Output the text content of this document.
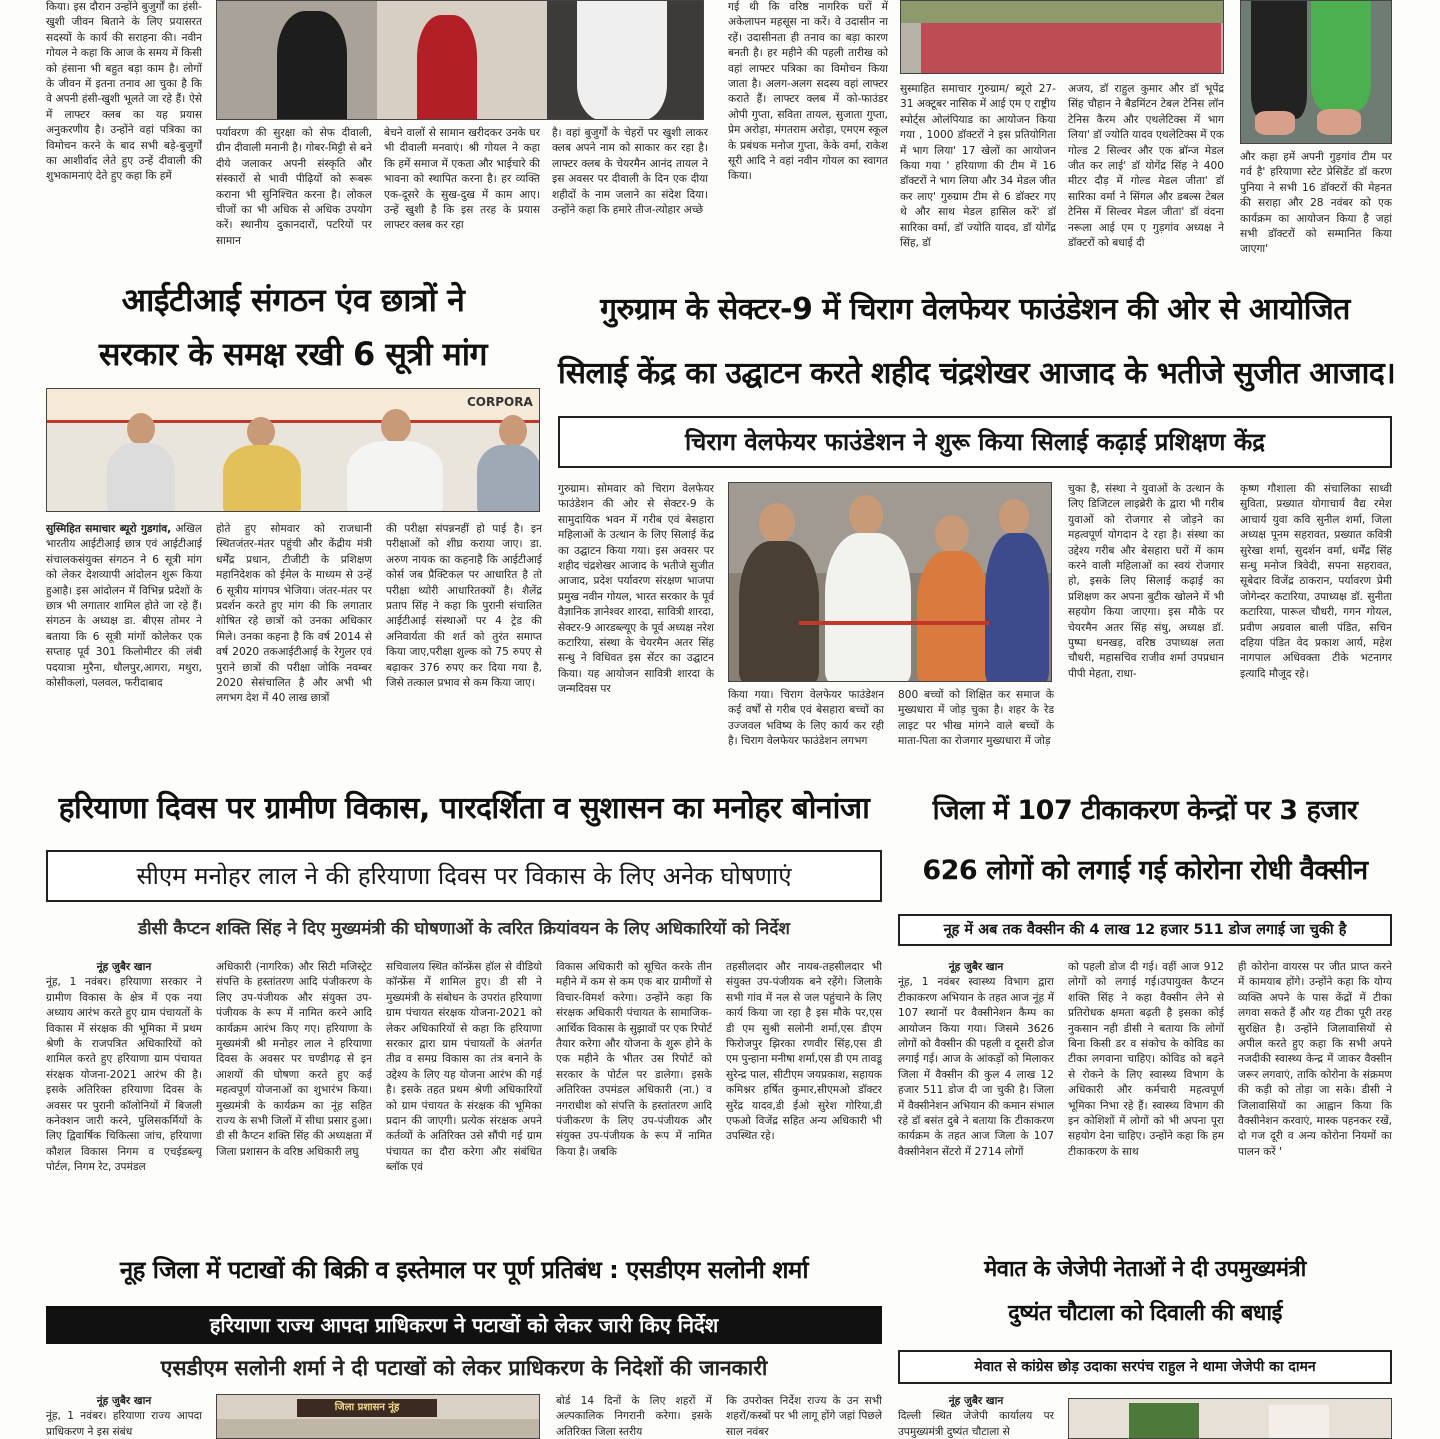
किया। इस दौरान उन्होंने बुजुर्गों का हंसी-खुशी जीवन बिताने के लिए प्रयासरत सदस्यों के कार्य की सराहना की। नवीन गोयल ने कहा कि आज के समय में किसी को हंसाना भी बहुत बड़ा काम है। लोगों के जीवन में इतना तनाव आ चुका है कि वे अपनी हंसी-खुशी भूलते जा रहे हैं। ऐसे में लाफ्टर क्लब का यह प्रयास अनुकरणीय है। उन्होंने वहां पत्रिका का विमोचन करने के बाद सभी बड़े-बुजुर्गों का आशीर्वाद लेते हुए उन्हें दीवाली की शुभकामनाएं देते हुए कहा कि हमें
पर्यावरण की सुरक्षा को सेफ दीवाली, ग्रीन दीवाली मनानी है। गोबर-मिट्टी से बने दीये जलाकर अपनी संस्कृति और संस्कारों से भावी पीढ़ियों को रूबरू कराना भी सुनिश्चित करना है। लोकल चीजों का भी अधिक से अधिक उपयोग करें। स्थानीय दुकानदारों, पटरियों पर सामान
बेचने वालों से सामान खरीदकर उनके घर भी दीवाली मनवाएं। श्री गोयल ने कहा कि हमें समाज में एकता और भाईचारे की भावना को स्थापित करना है। हर व्यक्ति एक-दूसरे के सुख-दुख में काम आए। उन्हें खुशी है कि इस तरह के प्रयास लाफ्टर क्लब कर रहा
है। वहां बुजुर्गों के चेहरों पर खुशी लाकर क्लब अपने नाम को साकार कर रहा है। लाफ्टर क्लब के चेयरमैन आनंद तायल ने इस अवसर पर दीवाली के दिन एक दीया शहीदों के नाम जलाने का संदेश दिया। उन्होंने कहा कि हमारे तीज-त्योहार अच्छे
गई थी कि वरिष्ठ नागरिक घरों में अकेलापन महसूस ना करें। वे उदासीन ना रहें। उदासीनता ही तनाव का बड़ा कारण बनती है। हर महीने की पहली तारीख को वहां लाफ्टर पत्रिका का विमोचन किया जाता है। अलग-अलग सदस्य वहां लाफ्टर कराते हैं। लाफ्टर क्लब में को-फाउंडर ओपी गुप्ता, सविता तायल, सुजाता गुप्ता, प्रेम अरोड़ा, मंगतराम अरोड़ा, एमएम स्कूल के प्रबंधक मनोज गुप्ता, केके वर्मा, राकेश सूरी आदि ने वहां नवीन गोयल का स्वागत किया।
सुस्माहित समाचार गुरुग्राम/ ब्यूरो 27-31 अक्टूबर नासिक में आई एम ए राष्ट्रीय स्पोर्ट्स ओलंपियाड का आयोजन किया गया , 1000 डॉक्टरों ने इस प्रतियोगिता में भाग लिया' 17 खेलों का आयोजन किया गया ' हरियाणा की टीम में 16 डॉक्टरों ने भाग लिया और 34 मेडल जीत कर लाए' गुरुग्राम टीम से 6 डॉक्टर गए थे और साथ मेडल हासिल करें' डॉ सारिका वर्मा, डॉ ज्योति यादव, डॉ योगेंद्र सिंह, डॉ
अजय, डॉ राहुल कुमार और डॉ भूपेंद्र सिंह चौहान ने बैडमिंटन टेबल टेनिस लॉन टेनिस कैरम और एथलेटिक्स में भाग लिया' डॉ ज्योति यादव एथलेटिक्स में एक गोल्ड 2 सिल्वर और एक ब्रॉन्ज मेडल जीत कर लाई' डॉ योगेंद्र सिंह ने 400 मीटर दौड़ में गोल्ड मेडल जीता' डॉ सारिका वर्मा ने सिंगल और डबल्स टेबल टेनिस में सिल्वर मेडल जीता' डॉ वंदना नरूला आई एम ए गुड़गांव अध्यक्ष ने डॉक्टरों को बधाई दी
और कहा हमें अपनी गुड़गांव टीम पर गर्व है' हरियाणा स्टेट प्रेसिडेंट डॉ करण पुनिया ने सभी 16 डॉक्टरों की मेहनत की सराहा और 28 नवंबर को एक कार्यक्रम का आयोजन किया है जहां सभी डॉक्टरों को सम्मानित किया जाएगा'
आईटीआई संगठन एंव छात्रों ने
सरकार के समक्ष रखी 6 सूत्री मांग
CORPORA
सुस्मिहित समाचार ब्यूरो गुडगांव, अखिल भारतीय आईटीआई छात्र एवं आईटीआई संचालकसंयुक्त संगठन ने 6 सूत्री मांग को लेकर देशव्यापी आंदोलन शुरू किया हुआहै। इस आंदोलन में विभिन्न प्रदेशों के छात्र भी लगातार शामिल होते जा रहे हैं। संगठन के अध्यक्ष डा. बीएस तोमर ने बताया कि 6 सूत्री मांगों कोलेकर एक सप्ताह पूर्व 301 किलोमीटर की लंबी पदयात्रा मुरैना, धौलपुर,आगरा, मथुरा, कोसीकलां, पलवल, फरीदाबाद
होते हुए सोमवार को राजधानी स्थितजंतर-मंतर पहुंची और केंद्रीय मंत्री धर्मेंद्र प्रधान, टीजीटी के प्रशिक्षण महानिदेशक को ईमेल के माध्यम से उन्हें 6 सूत्रीय मांगपत्र भेजिया। जंतर-मंतर पर प्रदर्शन करते हुए मांग की कि लगातार शोषित रहे छात्रों को उनका अधिकार मिले। उनका कहना है कि वर्ष 2014 से वर्ष 2020 तकआईटीआई के रेगुलर एवं पुराने छात्रों की परीक्षा जोकि नवम्बर 2020 सेसंचालित है और अभी भी लगभग देश में 40 लाख छात्रों
की परीक्षा संपन्ननहीं हो पाई है। इन परीक्षाओं को शीघ्र कराया जाए। डा. अरुण नायक का कहनाहै कि आईटीआई कोर्स जब प्रैक्टिकल पर आधारित है तो परीक्षा थ्योरी आधारितक्यों है। शैलेंद्र प्रताप सिंह ने कहा कि पुरानी संचालित आईटीआई संस्थाओं पर 4 ट्रेड की अनिवार्यता की शर्त को तुरंत समाप्त किया जाए,परीक्षा शुल्क को 75 रुपए से बढ़ाकर 376 रुपए कर दिया गया है, जिसे तत्काल प्रभाव से कम किया जाए।
गुरुग्राम के सेक्टर-9 में चिराग वेलफेयर फाउंडेशन की ओर से आयोजित
सिलाई केंद्र का उद्घाटन करते शहीद चंद्रशेखर आजाद के भतीजे सुजीत आजाद।
चिराग वेलफेयर फाउंडेशन ने शुरू किया सिलाई कढ़ाई प्रशिक्षण केंद्र
गुरुग्राम। सोमवार को चिराग वेलफेयर फाउंडेशन की ओर से सेक्टर-9 के सामुदायिक भवन में गरीब एवं बेसहारा महिलाओं के उत्थान के लिए सिलाई केंद्र का उद्घाटन किया गया। इस अवसर पर शहीद चंद्रशेखर आजाद के भतीजे सुजीत आजाद, प्रदेश पर्यावरण संरक्षण भाजपा प्रमुख नवीन गोयल, भारत सरकार के पूर्व वैज्ञानिक ज्ञानेश्वर शारदा, सावित्री शारदा, सेक्टर-9 आरडब्ल्यूए के पूर्व अध्यक्ष नरेश कटारिया, संस्था के चेयरमैन अतर सिंह सन्धु ने विधिवत इस सेंटर का उद्घाटन किया। यह आयोजन सावित्री शारदा के जन्मदिवस पर	किया गया। चिराग वेलफेयर फाउंडेशन कई वर्षों से गरीब एवं बेसहारा बच्चों का उज्जवल भविष्य के लिए कार्य कर रही है। चिराग वेलफेयर फाउंडेशन लगभग
800 बच्चों को शिक्षित कर समाज के मुख्यधारा में जोड़ चुका है। शहर के रेड लाइट पर भीख मांगने वाले बच्चों के माता-पिता का रोजगार मुख्यधारा में जोड़
चुका है, संस्था ने युवाओं के उत्थान के लिए डिजिटल लाइब्रेरी के द्वारा भी गरीब युवाओं को रोजगार से जोड़ने का महत्वपूर्ण योगदान दे रहा है। संस्था का उद्देश्य गरीब और बेसहारा घरों में काम करने वाली महिलाओं का स्वयं रोजगार हो, इसके लिए सिलाई कढ़ाई का प्रशिक्षण कर अपना बुटीक खोलने में भी सहयोग किया जाएगा। इस मौके पर चेयरमैन अतर सिंह संधु, अध्यक्ष डॉ. पुष्पा धनखड़, वरिष्ठ उपाध्यक्ष लता चौधरी, महासचिव राजीव शर्मा उपप्रधान पीपी मेहता, राधा-
कृष्ण गौशाला की संचालिका साध्वी सुविता, प्रख्यात योगाचार्य वैद्य रमेश आचार्य युवा कवि सुनील शर्मा, जिला अध्यक्ष पूनम सहरावत, प्रख्यात कवित्री सुरेखा शर्मा, सुदर्शन वर्मा, धर्मेंद्र सिंह सन्धु मनोज त्रिवेदी, सपना सहरावत, सूबेदार विजेंद्र ठाकरान, पर्यावरण प्रेमी जोगेन्दर कटारिया, उपाध्यक्ष डॉ. सुनीता कटारिया, पारूल चौधरी, गगन गोयल, प्रवीण अग्रवाल बाली पंडित, सचिन दहिया पंडित वेद प्रकाश आर्य, महेश नागपाल अधिवक्ता टीके भटनागर इत्यादि मौजूद रहे।
हरियाणा दिवस पर ग्रामीण विकास, पारदर्शिता व सुशासन का मनोहर बोनांजा
सीएम मनोहर लाल ने की हरियाणा दिवस पर विकास के लिए अनेक घोषणाएं
डीसी कैप्टन शक्ति सिंह ने दिए मुख्यमंत्री की घोषणाओं के त्वरित क्रियांवयन के लिए अधिकारियों को निर्देश
नूंह जुबैर खान
नूंह, 1 नवंबर। हरियाणा सरकार ने ग्रामीण विकास के क्षेत्र में एक नया अध्याय आरंभ करते हुए ग्राम पंचायतों के विकास में संरक्षक की भूमिका में प्रथम श्रेणी के राजपत्रित अधिकारियों को शामिल करते हुए हरियाणा ग्राम पंचायत संरक्षक योजना-2021 आरंभ की है। इसके अतिरिक्त हरियाणा दिवस के अवसर पर पुरानी कॉलोनियों में बिजली कनेक्शन जारी करने, पुलिसकर्मियों के लिए द्विवार्षिक चिकित्सा जांच, हरियाणा कौशल विकास निगम व एचईडब्ल्यू पोर्टल, निगम रेट, उपमंडल
अधिकारी (नागरिक) और सिटी मजिस्ट्रेट संपत्ति के हस्तांतरण आदि पंजीकरण के लिए उप-पंजीयक और संयुक्त उप-पंजीयक के रूप में नामित करने आदि कार्यक्रम आरंभ किए गए। हरियाणा के मुख्यमंत्री श्री मनोहर लाल ने हरियाणा दिवस के अवसर पर चण्डीगढ़ से इन आशयों की घोषणा करते हुए कई महत्वपूर्ण योजनाओं का शुभारंभ किया। मुख्यमंत्री के कार्यक्रम का नूंह सहित राज्य के सभी जिलों में सीधा प्रसार हुआ। डी सी कैप्टन शक्ति सिंह की अध्यक्षता में जिला प्रशासन के वरिष्ठ अधिकारी लघु
सचिवालय स्थित कॉन्फ्रेंस हॉल से वीडियो कॉन्फ्रेंस में शामिल हुए। डी सी ने मुख्यमंत्री के संबोधन के उपरांत हरियाणा ग्राम पंचायत संरक्षक योजना-2021 को लेकर अधिकारियों से कहा कि हरियाणा सरकार द्वारा ग्राम पंचायतों के अंतर्गत तीव्र व समग्र विकास का तंत्र बनाने के उद्देश्य के लिए यह योजना आरंभ की गई है। इसके तहत प्रथम श्रेणी अधिकारियों को ग्राम पंचायत के संरक्षक की भूमिका प्रदान की जाएगी। प्रत्येक संरक्षक अपने कर्तव्यों के अतिरिक्त उसे सौंपी गई ग्राम पंचायत का दौरा करेगा और संबंधित ब्लॉक एवं
विकास अधिकारी को सूचित करके तीन महीने में कम से कम एक बार ग्रामीणों से विचार-विमर्श करेगा। उन्होंने कहा कि संरक्षक अधिकारी पंचायत के सामाजिक-आर्थिक विकास के सुझावों पर एक रिपोर्ट तैयार करेगा और योजना के शुरू होने के एक महीने के भीतर उस रिपोर्ट को सरकार के पोर्टल पर डालेगा। इसके अतिरिक्त उपमंडल अधिकारी (ना.) व नगराधीश को संपत्ति के हस्तांतरण आदि पंजीकरण के लिए उप-पंजीयक और संयुक्त उप-पंजीयक के रूप में नामित किया है। जबकि
तहसीलदार और नायब-तहसीलदार भी संयुक्त उप-पंजीयक बने रहेंगे। जिलाके सभी गांव में नल से जल पहुंचाने के लिए कार्य किया जा रहा है इस मौके पर,एस डी एम सुश्री सलोनी शर्मा,एस डीएम फिरोजपुर झिरका रणवीर सिंह,एस डी एम पुन्हाना मनीषा शर्मा,एस डी एम तावडू सुरेन्द्र पाल, सीटीएम जयप्रकाश, सहायक कमिश्नर हर्षित कुमार,सीएमओ डॉक्टर सुरेंद्र यादव,डी ईओ सुरेश गोरिया,डी एफओ विजेंद्र सहित अन्य अधिकारी भी उपस्थित रहे।
जिला में 107 टीकाकरण केन्द्रों पर 3 हजार
626 लोगों को लगाई गई कोरोना रोधी वैक्सीन
नूह में अब तक वैक्सीन की 4 लाख 12 हजार 511 डोज लगाई जा चुकी है
नूंह जुबैर खान
नूंह, 1 नवंबर स्वास्थ्य विभाग द्वारा टीकाकरण अभियान के तहत आज नूंह में 107 स्थानों पर वैक्सीनेशन कैम्प का आयोजन किया गया। जिसमे 3626 लोगों को वैक्सीन की पहली व दूसरी डोज लगाई गई। आज के आंकड़ों को मिलाकर जिला में वैक्सीन की कुल 4 लाख 12 हजार 511 डोज दी जा चुकी है। जिला में वैक्सीनेशन अभियान की कमान संभाल रहे डॉ बसंत दुबे ने बताया कि टीकाकरण कार्यक्रम के तहत आज जिला के 107 वैक्सीनेशन सेंटरो में 2714 लोगों
को पहली डोज दी गई। वहीं आज 912 लोगों को लगाई गई।उपायुक्त कैप्टन शक्ति सिंह ने कहा वैक्सीन लेने से प्रतिरोधक क्षमता बढ़ती है इसका कोई नुकसान नही डीसी ने बताया कि लोगों बिना किसी डर व संकोच के कोविड का टीका लगवाना चाहिए। कोविड को बढ़ने से रोकने के लिए स्वास्थ्य विभाग के अधिकारी और कर्मचारी महत्वपूर्ण भूमिका निभा रहे हैं। स्वास्थ्य विभाग की इन कोशिशों में लोगों को भी अपना पूरा सहयोग देना चाहिए। उन्होंने कहा कि हम टीकाकरण के साथ
ही कोरोना वायरस पर जीत प्राप्त करने में कामयाब होंगे। उन्होंने कहा कि योग्य व्यक्ति अपने के पास केंद्रों में टीका लगवा सकते हैं और यह टीका पूरी तरह सुरक्षित है। उन्होंने जिलावासियों से अपील करते हुए कहा कि सभी अपने नजदीकी स्वास्थ्य केन्द्र में जाकर वैक्सीन जरूर लगवाएं, ताकि कोरोना के संक्रमण की कड़ी को तोड़ा जा सके। डीसी ने जिलावासियों का आह्वान किया कि वैक्सीनेशन करवाएं, मास्क पहनकर रखें, दो गज दूरी व अन्य कोरोना नियमों का पालन करें '
नूह जिला में पटाखों की बिक्री व इस्तेमाल पर पूर्ण प्रतिबंध : एसडीएम सलोनी शर्मा
हरियाणा राज्य आपदा प्राधिकरण ने पटाखों को लेकर जारी किए निर्देश
एसडीएम सलोनी शर्मा ने दी पटाखों को लेकर प्राधिकरण के निदेशों की जानकारी
नूंह जुबैर खान
नूंह, 1 नवंबर। हरियाणा राज्य आपदा प्राधिकरण ने इस संबंध
जिला प्रशासन नूंह
बोर्ड 14 दिनों के लिए शहरों में अल्पकालिक निगरानी करेगा। इसके अतिरिक्त जिला स्तरीय
कि उपरोक्त निर्देश राज्य के उन सभी शहरों/कस्बों पर भी लागू होंगे जहां पिछले साल नवंबर
मेवात के जेजेपी नेताओं ने दी उपमुख्यमंत्री
दुष्यंत चौटाला को दिवाली की बधाई
मेवात से कांग्रेस छोड़ उदाका सरपंच राहुल ने थामा जेजेपी का दामन
नूंह जुबैर खान
दिल्ली स्थित जेजेपी कार्यालय पर उपमुख्यमंत्री दुष्यंत चौटाला से
